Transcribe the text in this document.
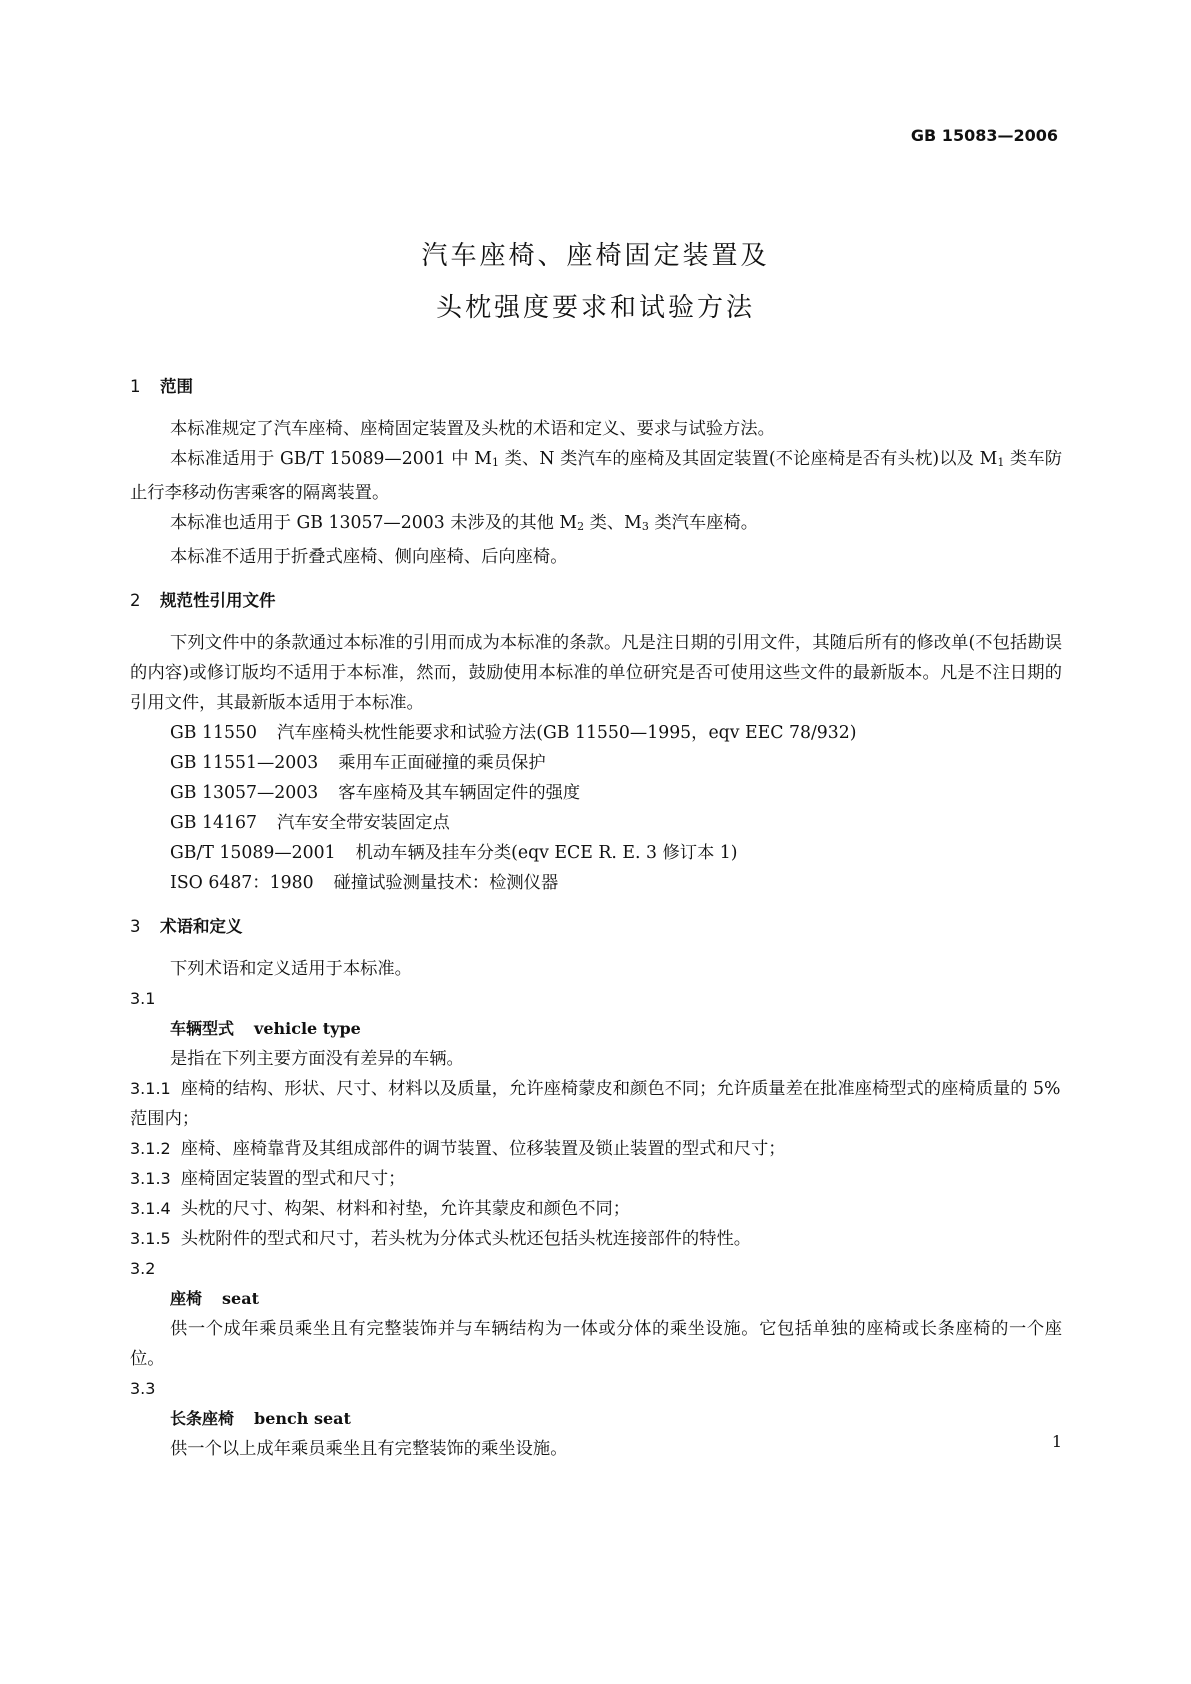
GB 15083—2006
汽车座椅、座椅固定装置及
头枕强度要求和试验方法
1 范围

本标准规定了汽车座椅、座椅固定装置及头枕的术语和定义、要求与试验方法。

本标准适用于 GB/T 15089—2001 中 M1 类、N 类汽车的座椅及其固定装置(不论座椅是否有头枕)以及 M1 类车防止行李移动伤害乘客的隔离装置。

本标准也适用于 GB 13057—2003 未涉及的其他 M2 类、M3 类汽车座椅。

本标准不适用于折叠式座椅、侧向座椅、后向座椅。

2 规范性引用文件

下列文件中的条款通过本标准的引用而成为本标准的条款。凡是注日期的引用文件，其随后所有的修改单(不包括勘误的内容)或修订版均不适用于本标准，然而，鼓励使用本标准的单位研究是否可使用这些文件的最新版本。凡是不注日期的引用文件，其最新版本适用于本标准。

GB 11550 汽车座椅头枕性能要求和试验方法(GB 11550—1995，eqv EEC 78/932)

GB 11551—2003 乘用车正面碰撞的乘员保护

GB 13057—2003 客车座椅及其车辆固定件的强度

GB 14167 汽车安全带安装固定点

GB/T 15089—2001 机动车辆及挂车分类(eqv ECE R. E. 3 修订本 1)

ISO 6487：1980 碰撞试验测量技术：检测仪器

3 术语和定义

下列术语和定义适用于本标准。

3.1

车辆型式 vehicle type

是指在下列主要方面没有差异的车辆。

3.1.1 座椅的结构、形状、尺寸、材料以及质量，允许座椅蒙皮和颜色不同；允许质量差在批准座椅型式的座椅质量的 5%范围内；

3.1.2 座椅、座椅靠背及其组成部件的调节装置、位移装置及锁止装置的型式和尺寸；

3.1.3 座椅固定装置的型式和尺寸；

3.1.4 头枕的尺寸、构架、材料和衬垫，允许其蒙皮和颜色不同；

3.1.5 头枕附件的型式和尺寸，若头枕为分体式头枕还包括头枕连接部件的特性。

3.2

座椅 seat

供一个成年乘员乘坐且有完整装饰并与车辆结构为一体或分体的乘坐设施。它包括单独的座椅或长条座椅的一个座位。

3.3

长条座椅 bench seat

供一个以上成年乘员乘坐且有完整装饰的乘坐设施。	1
